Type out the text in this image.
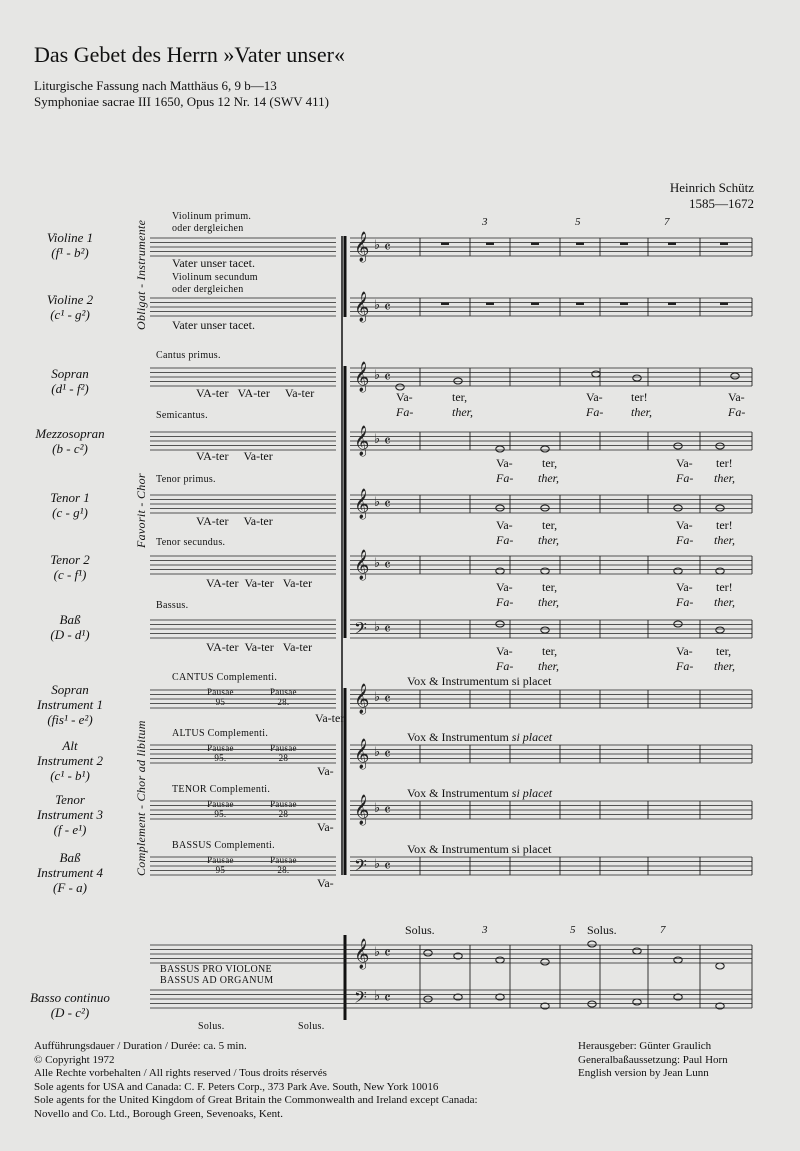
Das Gebet des Herrn »Vater unser«
Liturgische Fassung nach Matthäus 6, 9 b—13
Symphoniae sacrae III 1650, Opus 12 Nr. 14 (SWV 411)
Heinrich Schütz
1585—1672
Violine 1
(f¹ - b²)
Violine 2
(c¹ - g²)
Sopran
(d¹ - f²)
Mezzosopran
(b - c²)
Tenor 1
(c - g¹)
Tenor 2
(c - f¹)
Baß
(D - d¹)
Sopran
Instrument 1
(fis¹ - e²)
Alt
Instrument 2
(c¹ - b¹)
Tenor
Instrument 3
(f - e¹)
Baß
Instrument 4
(F - a)
Basso continuo
(D - c²)
Obligat - Instrumente
Favorit - Chor
Complement - Chor ad libitum
Violinum primum.
oder dergleichen
Vater unser tacet.
Violinum secundum
oder dergleichen
Vater unser tacet.
Cantus primus.
Semicantus.
Tenor primus.
Tenor secundus.
Bassus.
VA-ter VA-ter Va-ter
VA-ter Va-ter
VA-ter Va-ter
VA-ter Va-ter Va-ter
VA-ter Va-ter Va-ter
CANTUS Complementi.
ALTUS Complementi.
TENOR Complementi.
BASSUS Complementi.
Pausae
95
Pausae
28.
Pausae
95.
Pausae
28
Pausae
95.
Pausae
28
Pausae
95
Pausae
28.
Va-ter
Va-
Va-
Va-
BASSUS PRO VIOLONE
BASSUS AD ORGANUM
Solus.	Solus.
3	5	7
3	5	7
Solus.	Solus.
Vox & Instrumentum si placet
Vox & Instrumentum si placet
Vox & Instrumentum si placet
Vox & Instrumentum si placet
Va-
Fa-
ter,
ther,
Va-
Fa-
ter!
ther,
Va-
Fa-
Va-
Fa-
ter,
ther,
Va-
Fa-
ter!
ther,
Va-
Fa-
ter,
ther,
Va-
Fa-
ter!
ther,
Va-
Fa-
ter,
ther,
Va-
Fa-
ter!
ther,
Va-
Fa-
ter,
ther,
Va-
Fa-
ter,
ther,
𝄞 ♭ 𝄴
𝄞 ♭ 𝄴
𝄞 ♭ 𝄴
𝄞 ♭ 𝄴
𝄞 ♭ 𝄴
𝄞 ♭ 𝄴
𝄢 ♭ 𝄴
𝄞 ♭ 𝄴
𝄞 ♭ 𝄴
𝄞 ♭ 𝄴
𝄢 ♭ 𝄴
𝄞
𝄢
♭
♭
𝄴
𝄴
Aufführungsdauer / Duration / Durée: ca. 5 min.
© Copyright 1972
Alle Rechte vorbehalten / All rights reserved / Tous droits réservés
Sole agents for USA and Canada: C. F. Peters Corp., 373 Park Ave. South, New York 10016
Sole agents for the United Kingdom of Great Britain the Commonwealth and Ireland except Canada:
Novello and Co. Ltd., Borough Green, Sevenoaks, Kent.
Herausgeber: Günter Graulich
Generalbaßaussetzung: Paul Horn
English version by Jean Lunn
